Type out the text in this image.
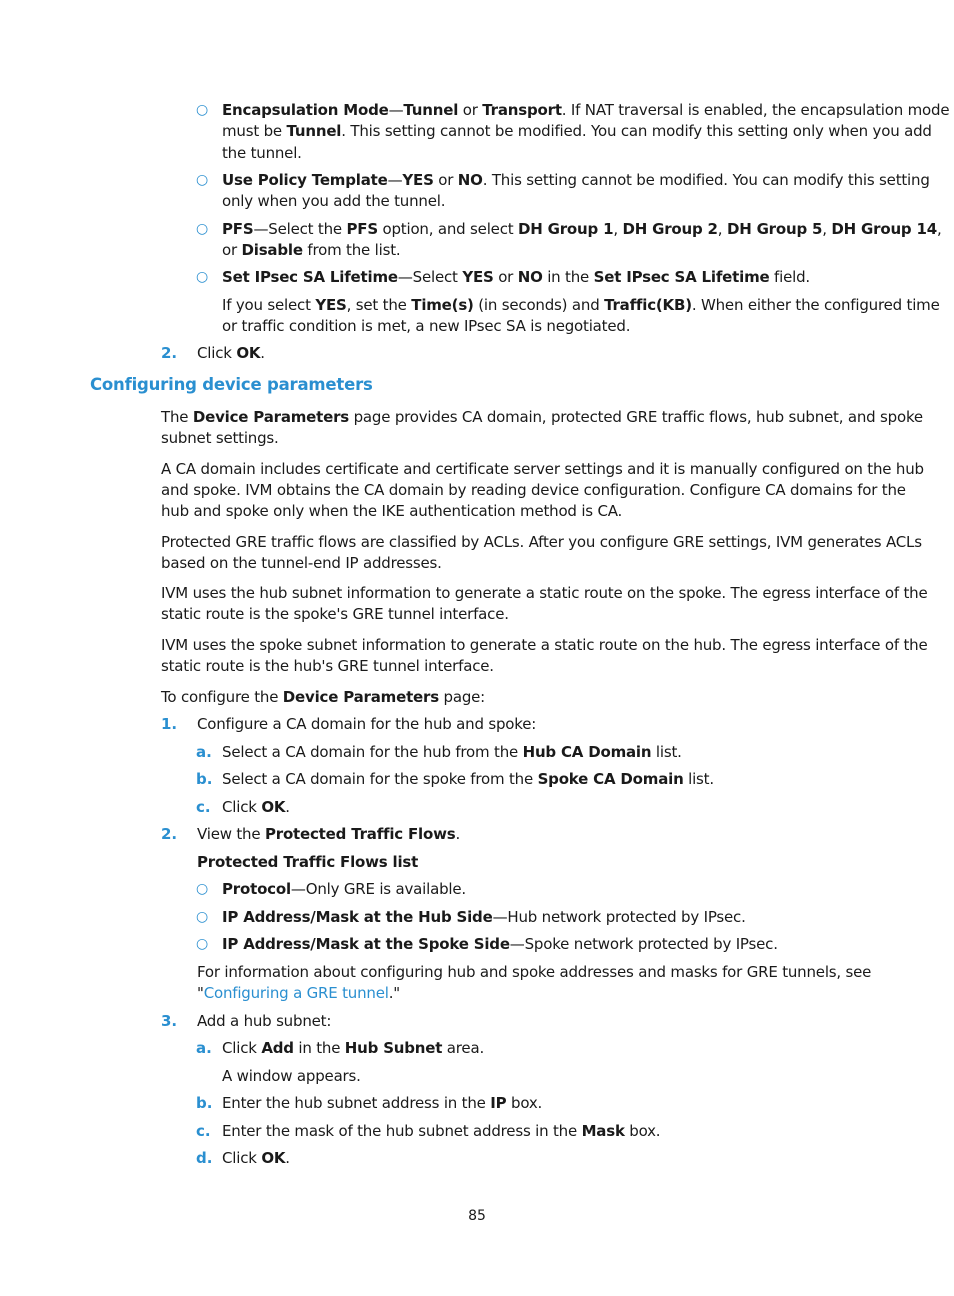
○ Encapsulation Mode—Tunnel or Transport. If NAT traversal is enabled, the encapsulation mode
must be Tunnel. This setting cannot be modified. You can modify this setting only when you add
the tunnel.
○ Use Policy Template—YES or NO. This setting cannot be modified. You can modify this setting
only when you add the tunnel.
○ PFS—Select the PFS option, and select DH Group 1, DH Group 2, DH Group 5, DH Group 14,
or Disable from the list.
○ Set IPsec SA Lifetime—Select YES or NO in the Set IPsec SA Lifetime field.
If you select YES, set the Time(s) (in seconds) and Traffic(KB). When either the configured time
or traffic condition is met, a new IPsec SA is negotiated.
2. Click OK.
Configuring device parameters
The Device Parameters page provides CA domain, protected GRE traffic flows, hub subnet, and spoke
subnet settings.
A CA domain includes certificate and certificate server settings and it is manually configured on the hub
and spoke. IVM obtains the CA domain by reading device configuration. Configure CA domains for the
hub and spoke only when the IKE authentication method is CA.
Protected GRE traffic flows are classified by ACLs. After you configure GRE settings, IVM generates ACLs
based on the tunnel-end IP addresses.
IVM uses the hub subnet information to generate a static route on the spoke. The egress interface of the
static route is the spoke's GRE tunnel interface.
IVM uses the spoke subnet information to generate a static route on the hub. The egress interface of the
static route is the hub's GRE tunnel interface.
To configure the Device Parameters page:
1. Configure a CA domain for the hub and spoke:
a. Select a CA domain for the hub from the Hub CA Domain list.
b. Select a CA domain for the spoke from the Spoke CA Domain list.
c. Click OK.
2. View the Protected Traffic Flows.
Protected Traffic Flows list
○ Protocol—Only GRE is available.
○ IP Address/Mask at the Hub Side—Hub network protected by IPsec.
○ IP Address/Mask at the Spoke Side—Spoke network protected by IPsec.
For information about configuring hub and spoke addresses and masks for GRE tunnels, see
"Configuring a GRE tunnel."
3. Add a hub subnet:
a. Click Add in the Hub Subnet area.
A window appears.
b. Enter the hub subnet address in the IP box.
c. Enter the mask of the hub subnet address in the Mask box.
d. Click OK.
85
